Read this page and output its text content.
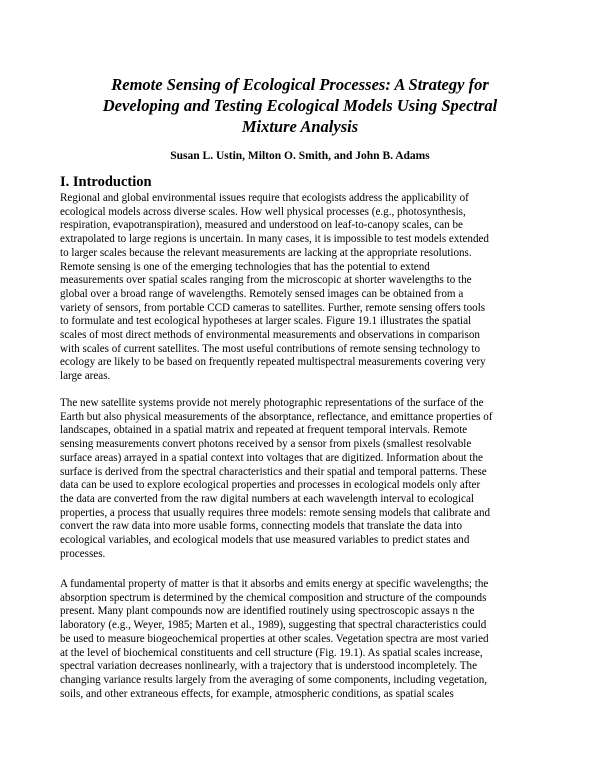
Remote Sensing of Ecological Processes: A Strategy for
Developing and Testing Ecological Models Using Spectral
Mixture Analysis

Susan L. Ustin, Milton O. Smith, and John B. Adams

I. Introduction
Regional and global environmental issues require that ecologists address the applicability of
ecological models across diverse scales. How well physical processes (e.g., photosynthesis,
respiration, evapotranspiration), measured and understood on leaf-to-canopy scales, can be
extrapolated to large regions is uncertain. In many cases, it is impossible to test models extended
to larger scales because the relevant measurements are lacking at the appropriate resolutions.
Remote sensing is one of the emerging technologies that has the potential to extend
measurements over spatial scales ranging from the microscopic at shorter wavelengths to the
global over a broad range of wavelengths. Remotely sensed images can be obtained from a
variety of sensors, from portable CCD cameras to satellites. Further, remote sensing offers tools
to formulate and test ecological hypotheses at larger scales. Figure 19.1 illustrates the spatial
scales of most direct methods of environmental measurements and observations in comparison
with scales of current satellites. The most useful contributions of remote sensing technology to
ecology are likely to be based on frequently repeated multispectral measurements covering very
large areas.
The new satellite systems provide not merely photographic representations of the surface of the
Earth but also physical measurements of the absorptance, reflectance, and emittance properties of
landscapes, obtained in a spatial matrix and repeated at frequent temporal intervals. Remote
sensing measurements convert photons received by a sensor from pixels (smallest resolvable
surface areas) arrayed in a spatial context into voltages that are digitized. Information about the
surface is derived from the spectral characteristics and their spatial and temporal patterns. These
data can be used to explore ecological properties and processes in ecological models only after
the data are converted from the raw digital numbers at each wavelength interval to ecological
properties, a process that usually requires three models: remote sensing models that calibrate and
convert the raw data into more usable forms, connecting models that translate the data into
ecological variables, and ecological models that use measured variables to predict states and
processes.
A fundamental property of matter is that it absorbs and emits energy at specific wavelengths; the
absorption spectrum is determined by the chemical composition and structure of the compounds
present. Many plant compounds now are identified routinely using spectroscopic assays n the
laboratory (e.g., Weyer, 1985; Marten et al., 1989), suggesting that spectral characteristics could
be used to measure biogeochemical properties at other scales. Vegetation spectra are most varied
at the level of biochemical constituents and cell structure (Fig. 19.1). As spatial scales increase,
spectral variation decreases nonlinearly, with a trajectory that is understood incompletely. The
changing variance results largely from the averaging of some components, including vegetation,
soils, and other extraneous effects, for example, atmospheric conditions, as spatial scales
